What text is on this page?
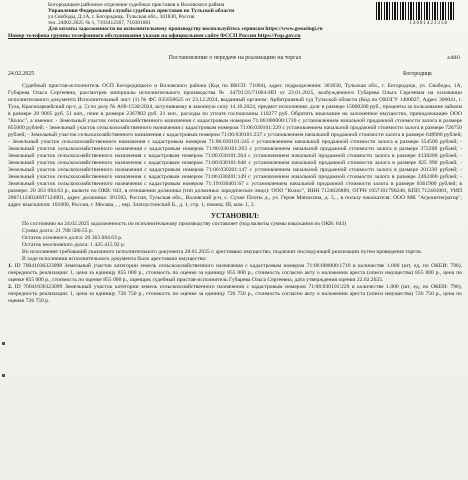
Богородицкое районное отделение судебных приставов и Воловского района
Управления Федеральной службы судебных приставов по Тульской области
ул.Свободы, Д.1А, г. Богородицк, Тульская обл., 301830, Россия
тел. 24002.2625 № 1, 7103412567, 710301001
Для оплаты задолженности по исполнительному производству воспользуйтесь сервисом https://www.gosuslugi.ru
14681423358
Номер телефона группы телефонного обслуживания указан на официальном сайте ФССП России https://fssp.gov.ru
я.ФЮ
Постановление о передаче на реализацию на торгах
24.02.2025	Богородицк
Судебный пристав-исполнитель ОСП Богородицкого и Воловского района (Код по ВКСП: 71004), адрес подразделения: 301830, Тульская обл., г. Богородицк, ул. Свободы, 1А, Губарева Ольга Сергеевна, рассмотрев материалы исполнительного производства № 34791/25/71004-ИП от 23.01.2025, возбужденного Губарева Ольга Сергеевна на основании исполнительного документа Исполнительный лист (1) № ФС 035058625 от 23.12.2024, выданный органом: Арбитражный суд Тульской области (Код по ОКОГУ 1400027, Адрес 300041, г. Тула, Красноармейский пр-т, д. 5) по делу № А68-1530/2024, вступившему в законную силу 14.10.2024, предмет исполнения: долг в размере 15000200 руб., проценты за пользование займом в размере 20 9005 руб. 51 коп., пени в размере 2367802 руб. 21 коп., расходы по уплате госпошлины 110277 руб. Обратить взыскание на заложенное имущество, принадлежащее ООО "Колос", а именно: - Земельный участок сельскохозяйственного назначения с кадастровым номером 71:06:000000:1710 с установлением начальной продажной стоимости залога в размере 855000 рублей; - Земельный участок сельскохозяйственного назначения с кадастровым номером 71:06:030101:229 с установлением начальной продажной стоимости залога в размере 726750 рублей; - Земельный участок сельскохозяйственного назначения с кадастровым номером 71:06:030101:237 с установлением начальной продажной стоимости залога в размере 648900 рублей; - Земельный участок сельскохозяйственного назначения с кадастровым номером 71:06:030101:245 с установлением начальной продажной стоимости залога в размере 354500 рублей; - Земельный участок сельскохозяйственного назначения с кадастровым номером 71:06:030101:263 с установлением начальной продажной стоимости залога в размере 372208 рублей; - Земельный участок сельскохозяйственного назначения с кадастровым номером 71:06:030101:264 с установлением начальной продажной стоимости залога в размере 4138200 рублей; - Земельный участок сельскохозяйственного назначения с кадастровым номером 71:06:030101:646 с установлением начальной продажной стоимости залога в размере 825 990 рублей; - Земельный участок сельскохозяйственного назначения с кадастровым номером 71:06:030201:147 с установлением начальной продажной стоимости залога в размере 201330 рублей; - Земельный участок сельскохозяйственного назначения с кадастровым номером 71:06:030201:149 с установлением начальной продажной стоимости залога в размере 2462400 рублей; - Земельный участок сельскохозяйственного назначения с кадастровым номером 71:19:030401:67 с установлением начальной продажной стоимости залога в размере 8361900 рублей; в размере: 20 363 084.63 р., валюте по ОКВ: 643, в отношении должника (тип должника: юридическое лицо): ООО "Колос", ИНН 7124026889, ОГРН 1057101790246, КПП 712401001, УИП 20071124024697124001, адрес должника: 301582, Россия, Тульская обл., Воловский р-н, с. Сухие Плоты д., ул. Героя Матюхина, д. 5, , в пользу взыскателя: ООО МК "Агроинтегратор", адрес взыскателя: 101000, Россия, г. Москва, , , пер. Златоустинский Б., д. 1, стр. 1, помещ. III, ком. 1, 2.
УСТАНОВИЛ:
По состоянию на 24.02.2025 задолженность по исполнительному производству составляет (под валюты суммы взыскания по ОКВ: 643)
Сумма долга: 21 788 500.55 р.
Остаток основного долга: 20 363 084.63 р.
Остаток неосновного долга: 1 425 415.92 р.
Во исполнение требований указанного исполнительного документа 28.01.2025 г. арестовано имущество, подлежит последующей реализации путем проведения торгов.
В ходе исполнения исполнительного документа было арестовано имущество:
1. ID 70041036323098 Земельный участок категории земель сельскохозяйственного назначения с кадастровым номером 71:06:000000:1710 в количестве 1.000 (шт, ед, по ОКЕИ: 796), очередность реализации: 1, цена за единицу 855 000 р., стоимость по оценке за единицу 855 000 р., стоимость согласно акту о наложении ареста (описи имущества) 855 000 р., цена по оценке 855 000 р., стоимость по оценке 855 000 р., оценщик судебный пристав-исполнитель Губарева Ольга Сергеевна, дата утверждения оценки 22.02.2025.
2. ID 70041036323099 Земельный участок категории земель сельскохозяйственного назначения с кадастровым номером 71:06:030101:229 в количестве 1.000 (шт, ед, по ОКЕИ: 796), очередность реализации: 1, цена за единицу 726 750 р., стоимость по оценке за единицу 726 750 р., стоимость согласно акту о наложении ареста (описи имущества) 726 750 р., цена по оценке 726 750 р.
